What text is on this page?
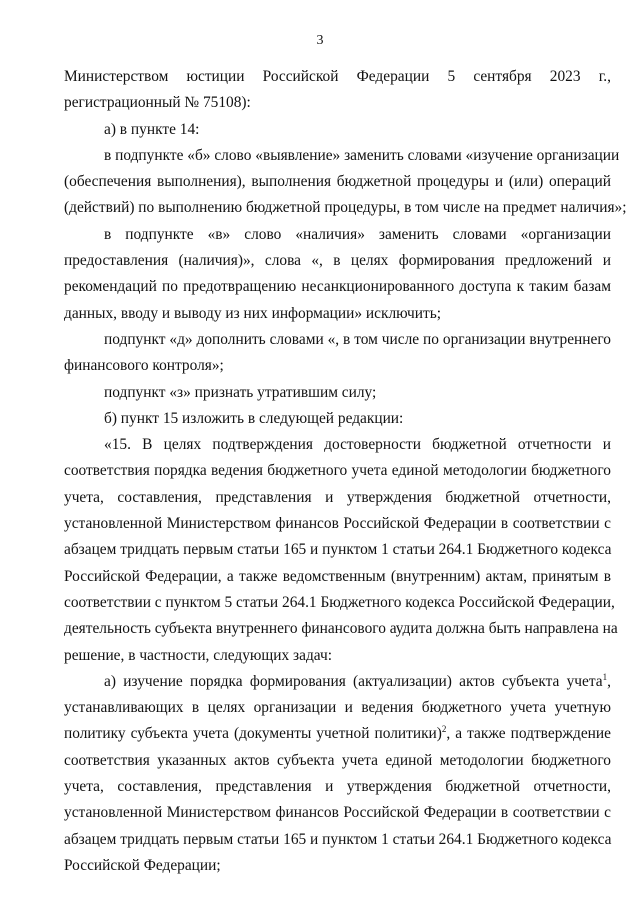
3
Министерством юстиции Российской Федерации 5 сентября 2023 г.,
регистрационный № 75108):
а) в пункте 14:
в подпункте «б» слово «выявление» заменить словами «изучение организации
(обеспечения выполнения), выполнения бюджетной процедуры и (или) операций
(действий) по выполнению бюджетной процедуры, в том числе на предмет наличия»;
в подпункте «в» слово «наличия» заменить словами «организации
предоставления (наличия)», слова «, в целях формирования предложений и
рекомендаций по предотвращению несанкционированного доступа к таким базам
данных, вводу и выводу из них информации» исключить;
подпункт «д» дополнить словами «, в том числе по организации внутреннего
финансового контроля»;
подпункт «з» признать утратившим силу;
б) пункт 15 изложить в следующей редакции:
«15. В целях подтверждения достоверности бюджетной отчетности и
соответствия порядка ведения бюджетного учета единой методологии бюджетного
учета, составления, представления и утверждения бюджетной отчетности,
установленной Министерством финансов Российской Федерации в соответствии с
абзацем тридцать первым статьи 165 и пунктом 1 статьи 264.1 Бюджетного кодекса
Российской Федерации, а также ведомственным (внутренним) актам, принятым в
соответствии с пунктом 5 статьи 264.1 Бюджетного кодекса Российской Федерации,
деятельность субъекта внутреннего финансового аудита должна быть направлена на
решение, в частности, следующих задач:
а) изучение порядка формирования (актуализации) актов субъекта учета$^1$,
устанавливающих в целях организации и ведения бюджетного учета учетную
политику субъекта учета (документы учетной политики)$^2$, а также подтверждение
соответствия указанных актов субъекта учета единой методологии бюджетного
учета, составления, представления и утверждения бюджетной отчетности,
установленной Министерством финансов Российской Федерации в соответствии с
абзацем тридцать первым статьи 165 и пунктом 1 статьи 264.1 Бюджетного кодекса
Российской Федерации;
